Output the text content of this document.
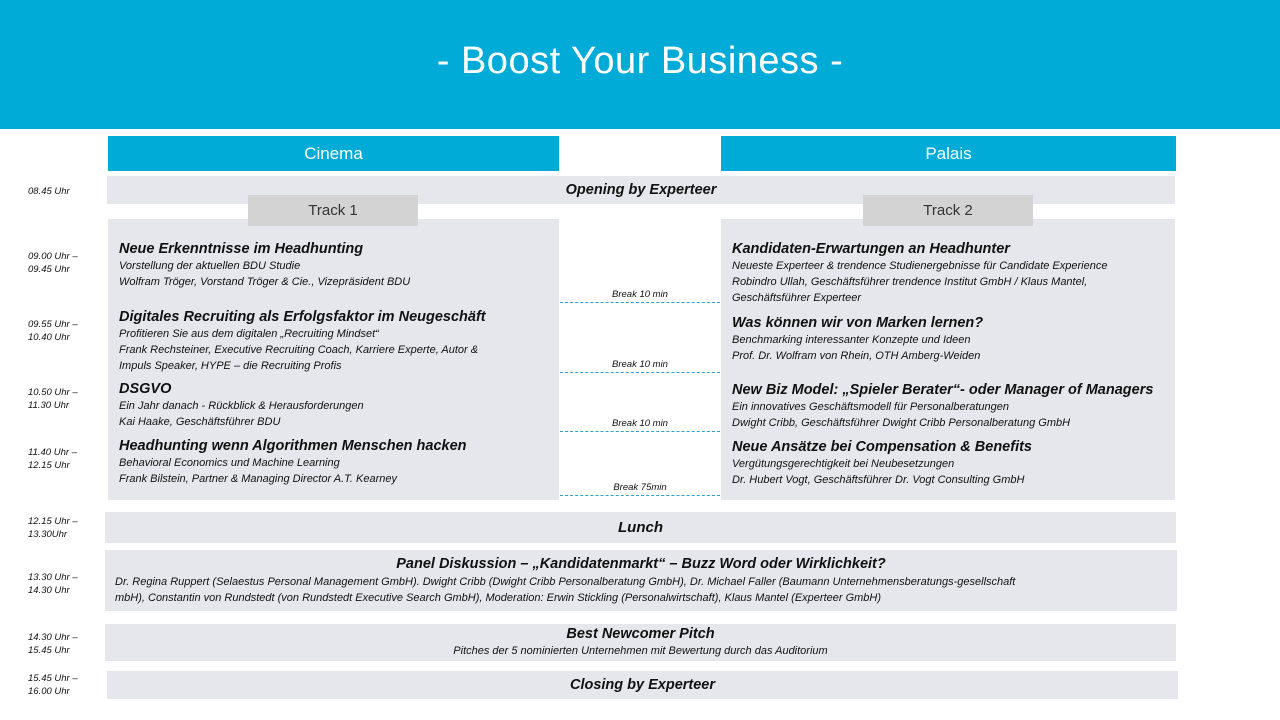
- Boost Your Business -
Cinema	Palais
08.45 Uhr
09.00 Uhr –
09.45 Uhr
09.55 Uhr –
10.40 Uhr
10.50 Uhr –
11.30 Uhr
11.40 Uhr –
12.15 Uhr
12.15 Uhr –
13.30Uhr
13.30 Uhr –
14.30 Uhr
14.30 Uhr –
15.45 Uhr
15.45 Uhr –
16.00 Uhr
Opening by Experteer
Neue Erkenntnisse im Headhunting
Vorstellung der aktuellen BDU Studie
Wolfram Tröger, Vorstand Tröger & Cie., Vizepräsident BDU
Digitales Recruiting als Erfolgsfaktor im Neugeschäft
Profitieren Sie aus dem digitalen „Recruiting Mindset“
Frank Rechsteiner, Executive Recruiting Coach, Karriere Experte, Autor &
Impuls Speaker, HYPE – die Recruiting Profis
DSGVO
Ein Jahr danach - Rückblick & Herausforderungen
Kai Haake, Geschäftsführer BDU
Headhunting wenn Algorithmen Menschen hacken
Behavioral Economics und Machine Learning
Frank Bilstein, Partner & Managing Director A.T. Kearney
Kandidaten-Erwartungen an Headhunter
Neueste Experteer & trendence Studienergebnisse für Candidate Experience
Robindro Ullah, Geschäftsführer trendence Institut GmbH / Klaus Mantel,
Geschäftsführer Experteer
Was können wir von Marken lernen?
Benchmarking interessanter Konzepte und Ideen
Prof. Dr. Wolfram von Rhein, OTH Amberg-Weiden
New Biz Model: „Spieler Berater“- oder Manager of Managers
Ein innovatives Geschäftsmodell für Personalberatungen
Dwight Cribb, Geschäftsführer Dwight Cribb Personalberatung GmbH
Neue Ansätze bei Compensation & Benefits
Vergütungsgerechtigkeit bei Neubesetzungen
Dr. Hubert Vogt, Geschäftsführer Dr. Vogt Consulting GmbH
Track 1	Track 2
Break 10 min
Break 10 min
Break 10 min
Break 75min
Lunch
Panel Diskussion – „Kandidatenmarkt“ – Buzz Word oder Wirklichkeit?
Dr. Regina Ruppert (Selaestus Personal Management GmbH). Dwight Cribb (Dwight Cribb Personalberatung GmbH), Dr. Michael Faller (Baumann Unternehmensberatungs-gesellschaft
mbH), Constantin von Rundstedt (von Rundstedt Executive Search GmbH), Moderation: Erwin Stickling (Personalwirtschaft), Klaus Mantel (Experteer GmbH)
Best Newcomer Pitch
Pitches der 5 nominierten Unternehmen mit Bewertung durch das Auditorium
Closing by Experteer
